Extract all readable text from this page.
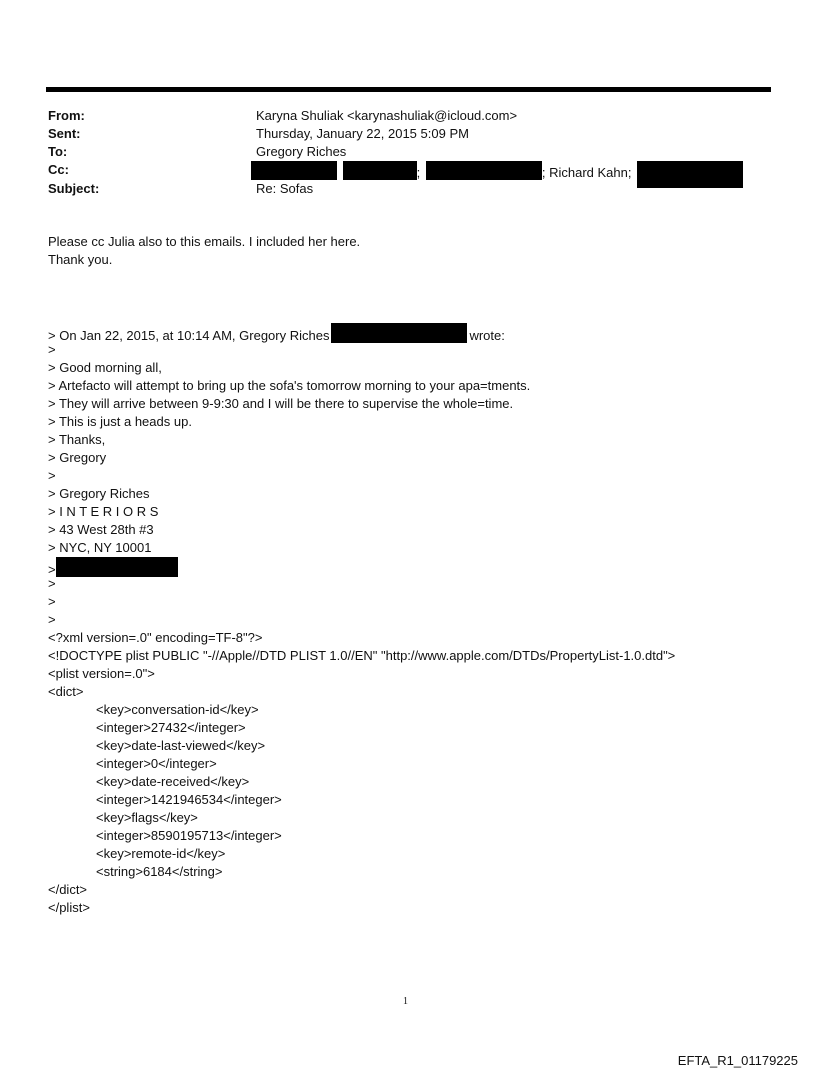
From:	Karyna Shuliak <karynashuliak@icloud.com>
Sent:	Thursday, January 22, 2015 5:09 PM
To:	Gregory Riches
Cc:	;	; Richard Kahn;
Subject:	Re: Sofas
Please cc Julia also to this emails. I included her here.
Thank you.
> On Jan 22, 2015, at 10:14 AM, Gregory Riches	wrote:
>
> Good morning all,
> Artefacto will attempt to bring up the sofa's tomorrow morning to your apa=tments.
> They will arrive between 9-9:30 and I will be there to supervise the whole=time.
> This is just a heads up.
> Thanks,
> Gregory
>
> Gregory Riches
> I N T E R I O R S
> 43 West 28th #3
> NYC, NY 10001
>
>
>
>
<?xml version=.0" encoding=TF-8"?>
<!DOCTYPE plist PUBLIC "-//Apple//DTD PLIST 1.0//EN" "http://www.apple.com/DTDs/PropertyList-1.0.dtd">
<plist version=.0">
<dict>
<key>conversation-id</key>
<integer>27432</integer>
<key>date-last-viewed</key>
<integer>0</integer>
<key>date-received</key>
<integer>1421946534</integer>
<key>flags</key>
<integer>8590195713</integer>
<key>remote-id</key>
<string>6184</string>
</dict>
</plist>
1
EFTA_R1_01179225
